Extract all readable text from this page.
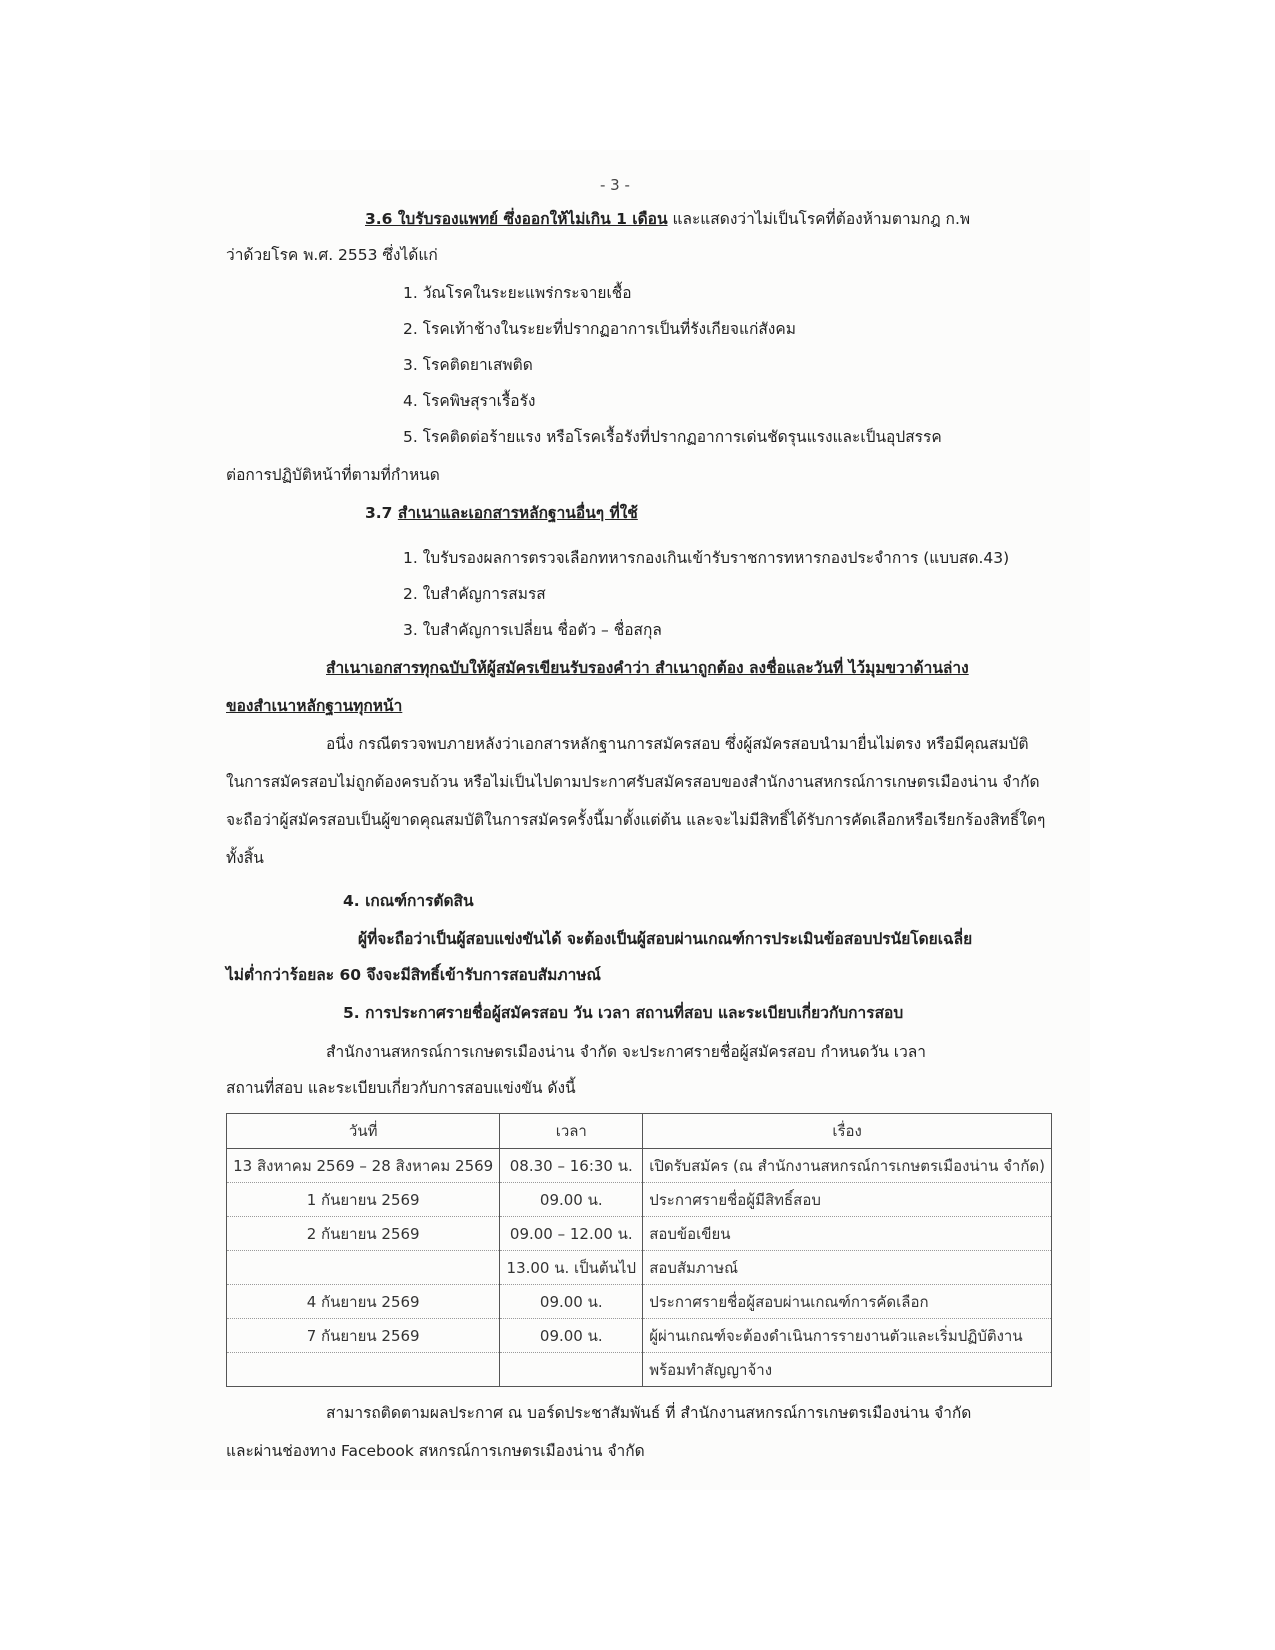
- 3 -
3.6 ใบรับรองแพทย์ ซึ่งออกให้ไม่เกิน 1 เดือน และแสดงว่าไม่เป็นโรคที่ต้องห้ามตามกฎ ก.พ
ว่าด้วยโรค พ.ศ. 2553 ซึ่งได้แก่
1. วัณโรคในระยะแพร่กระจายเชื้อ
2. โรคเท้าช้างในระยะที่ปรากฏอาการเป็นที่รังเกียจแก่สังคม
3. โรคติดยาเสพติด
4. โรคพิษสุราเรื้อรัง
5. โรคติดต่อร้ายแรง หรือโรคเรื้อรังที่ปรากฏอาการเด่นชัดรุนแรงและเป็นอุปสรรค
ต่อการปฏิบัติหน้าที่ตามที่กำหนด
3.7 สำเนาและเอกสารหลักฐานอื่นๆ ที่ใช้
1. ใบรับรองผลการตรวจเลือกทหารกองเกินเข้ารับราชการทหารกองประจำการ (แบบสด.43)
2. ใบสำคัญการสมรส
3. ใบสำคัญการเปลี่ยน ชื่อตัว – ชื่อสกุล
สำเนาเอกสารทุกฉบับให้ผู้สมัครเขียนรับรองคำว่า สำเนาถูกต้อง ลงชื่อและวันที่ ไว้มุมขวาด้านล่าง
ของสำเนาหลักฐานทุกหน้า
อนึ่ง กรณีตรวจพบภายหลังว่าเอกสารหลักฐานการสมัครสอบ ซึ่งผู้สมัครสอบนำมายื่นไม่ตรง หรือมีคุณสมบัติ
ในการสมัครสอบไม่ถูกต้องครบถ้วน หรือไม่เป็นไปตามประกาศรับสมัครสอบของสำนักงานสหกรณ์การเกษตรเมืองน่าน จำกัด
จะถือว่าผู้สมัครสอบเป็นผู้ขาดคุณสมบัติในการสมัครครั้งนี้มาตั้งแต่ต้น และจะไม่มีสิทธิ์ได้รับการคัดเลือกหรือเรียกร้องสิทธิ์ใดๆ
ทั้งสิ้น
4. เกณฑ์การตัดสิน
ผู้ที่จะถือว่าเป็นผู้สอบแข่งขันได้ จะต้องเป็นผู้สอบผ่านเกณฑ์การประเมินข้อสอบปรนัยโดยเฉลี่ย
ไม่ต่ำกว่าร้อยละ 60 จึงจะมีสิทธิ์เข้ารับการสอบสัมภาษณ์
5. การประกาศรายชื่อผู้สมัครสอบ วัน เวลา สถานที่สอบ และระเบียบเกี่ยวกับการสอบ
สำนักงานสหกรณ์การเกษตรเมืองน่าน จำกัด จะประกาศรายชื่อผู้สมัครสอบ กำหนดวัน เวลา
สถานที่สอบ และระเบียบเกี่ยวกับการสอบแข่งขัน ดังนี้
วันที่	เวลา	เรื่อง
13 สิงหาคม 2569 – 28 สิงหาคม 2569	08.30 – 16:30 น.	เปิดรับสมัคร (ณ สำนักงานสหกรณ์การเกษตรเมืองน่าน จำกัด)
1 กันยายน 2569	09.00 น.	ประกาศรายชื่อผู้มีสิทธิ์สอบ
2 กันยายน 2569	09.00 – 12.00 น.	สอบข้อเขียน
	13.00 น. เป็นต้นไป	สอบสัมภาษณ์
4 กันยายน 2569	09.00 น.	ประกาศรายชื่อผู้สอบผ่านเกณฑ์การคัดเลือก
7 กันยายน 2569	09.00 น.	ผู้ผ่านเกณฑ์จะต้องดำเนินการรายงานตัวและเริ่มปฏิบัติงาน
		พร้อมทำสัญญาจ้าง
สามารถติดตามผลประกาศ ณ บอร์ดประชาสัมพันธ์ ที่ สำนักงานสหกรณ์การเกษตรเมืองน่าน จำกัด
และผ่านช่องทาง Facebook สหกรณ์การเกษตรเมืองน่าน จำกัด
